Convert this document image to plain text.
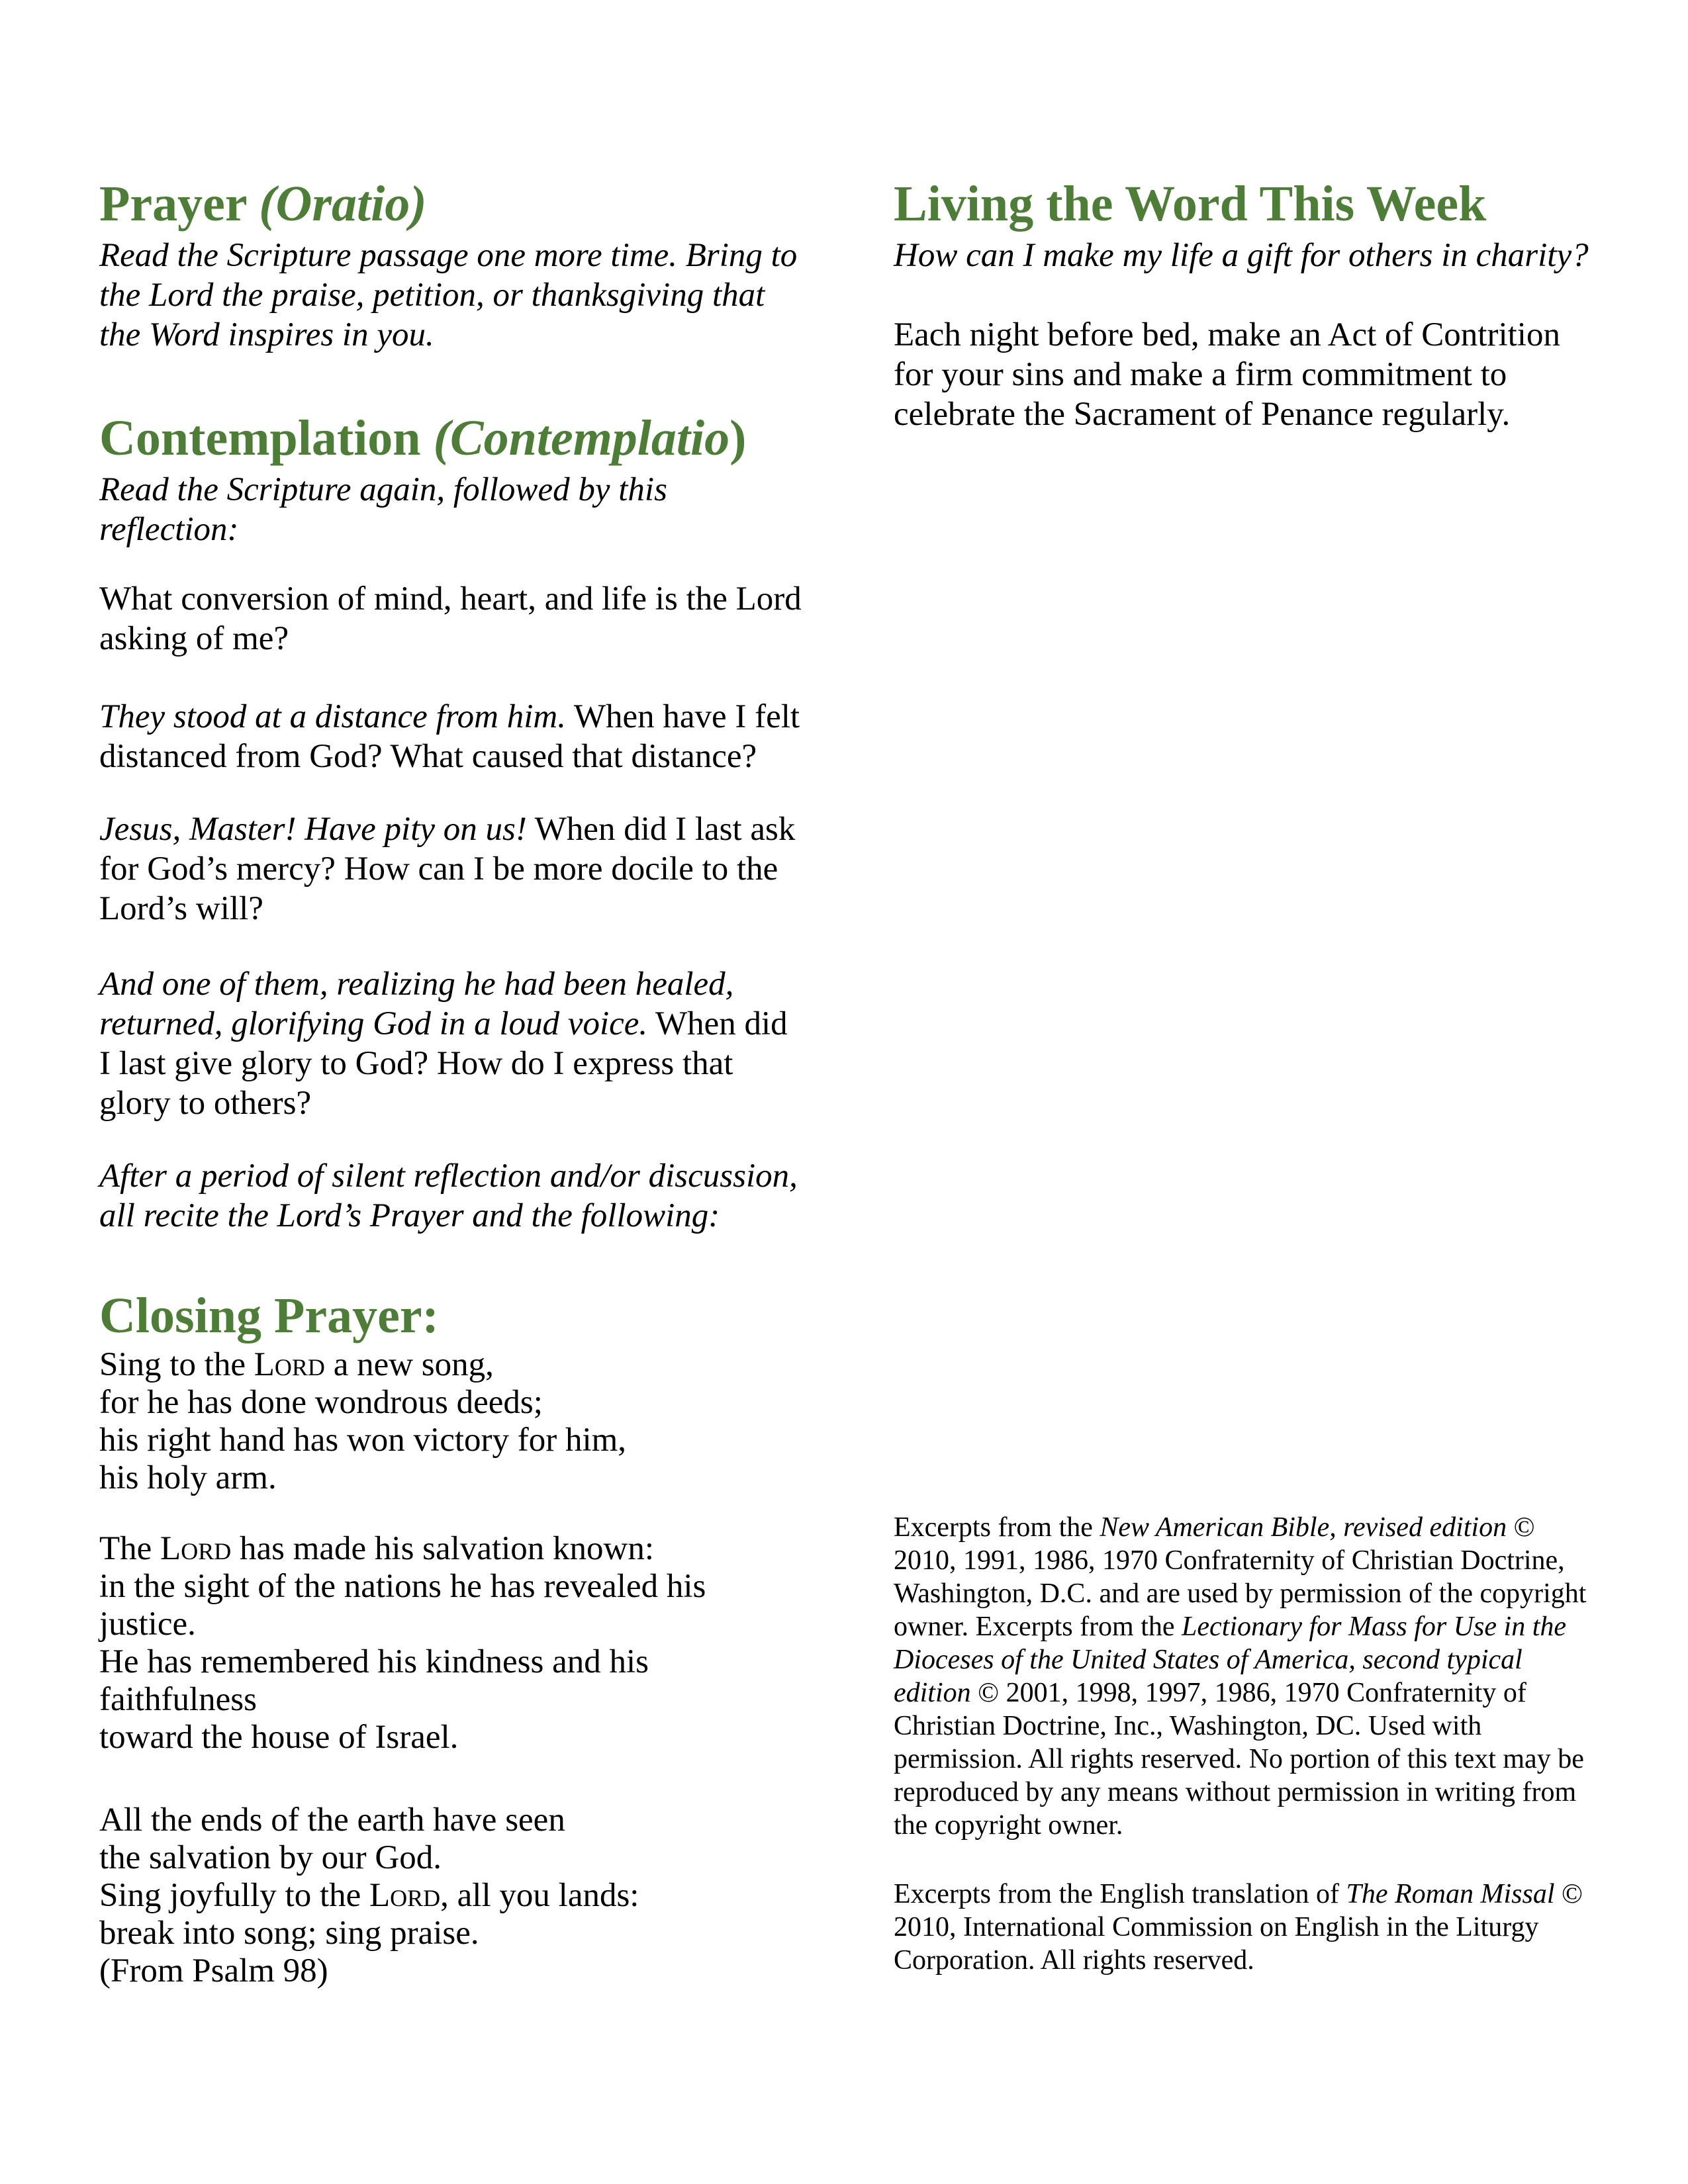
Prayer (Oratio)

Read the Scripture passage one more time. Bring to
the Lord the praise, petition, or thanksgiving that
the Word inspires in you.

Contemplation (Contemplatio)

Read the Scripture again, followed by this
reflection:

What conversion of mind, heart, and life is the Lord
asking of me?

They stood at a distance from him. When have I felt
distanced from God? What caused that distance?

Jesus, Master! Have pity on us! When did I last ask
for God’s mercy? How can I be more docile to the
Lord’s will?

And one of them, realizing he had been healed,
returned, glorifying God in a loud voice. When did
I last give glory to God? How do I express that
glory to others?

After a period of silent reflection and/or discussion,
all recite the Lord’s Prayer and the following:

Closing Prayer:

Sing to the Lord a new song,
for he has done wondrous deeds;
his right hand has won victory for him,
his holy arm.

The Lord has made his salvation known:
in the sight of the nations he has revealed his
justice.
He has remembered his kindness and his
faithfulness
toward the house of Israel.

All the ends of the earth have seen
the salvation by our God.
Sing joyfully to the Lord, all you lands:
break into song; sing praise.
(From Psalm 98)

Living the Word This Week

How can I make my life a gift for others in charity?

Each night before bed, make an Act of Contrition
for your sins and make a firm commitment to
celebrate the Sacrament of Penance regularly.

Excerpts from the New American Bible, revised edition ©
2010, 1991, 1986, 1970 Confraternity of Christian Doctrine,
Washington, D.C. and are used by permission of the copyright
owner. Excerpts from the Lectionary for Mass for Use in the
Dioceses of the United States of America, second typical
edition © 2001, 1998, 1997, 1986, 1970 Confraternity of
Christian Doctrine, Inc., Washington, DC. Used with
permission. All rights reserved. No portion of this text may be
reproduced by any means without permission in writing from
the copyright owner.

Excerpts from the English translation of The Roman Missal ©
2010, International Commission on English in the Liturgy
Corporation. All rights reserved.
